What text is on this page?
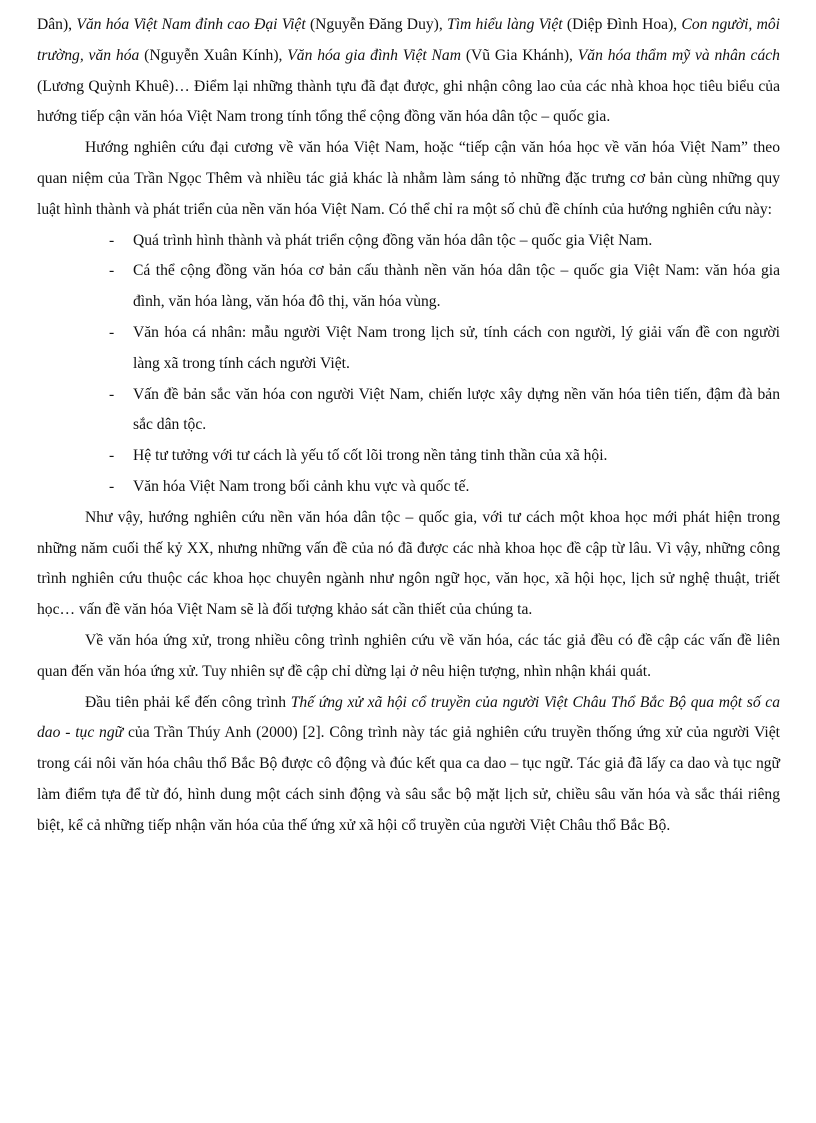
Dân), Văn hóa Việt Nam đỉnh cao Đại Việt (Nguyễn Đăng Duy), Tìm hiểu làng Việt (Diệp Đình Hoa), Con người, môi trường, văn hóa (Nguyễn Xuân Kính), Văn hóa gia đình Việt Nam (Vũ Gia Khánh), Văn hóa thẩm mỹ và nhân cách (Lương Quỳnh Khuê)… Điểm lại những thành tựu đã đạt được, ghi nhận công lao của các nhà khoa học tiêu biểu của hướng tiếp cận văn hóa Việt Nam trong tính tổng thể cộng đồng văn hóa dân tộc – quốc gia.

Hướng nghiên cứu đại cương về văn hóa Việt Nam, hoặc “tiếp cận văn hóa học về văn hóa Việt Nam” theo quan niệm của Trần Ngọc Thêm và nhiều tác giả khác là nhằm làm sáng tỏ những đặc trưng cơ bản cùng những quy luật hình thành và phát triển của nền văn hóa Việt Nam. Có thể chỉ ra một số chủ đề chính của hướng nghiên cứu này:

- Quá trình hình thành và phát triển cộng đồng văn hóa dân tộc – quốc gia Việt Nam.
- Cá thể cộng đồng văn hóa cơ bản cấu thành nền văn hóa dân tộc – quốc gia Việt Nam: văn hóa gia đình, văn hóa làng, văn hóa đô thị, văn hóa vùng.
- Văn hóa cá nhân: mẫu người Việt Nam trong lịch sử, tính cách con người, lý giải vấn đề con người làng xã trong tính cách người Việt.
- Vấn đề bản sắc văn hóa con người Việt Nam, chiến lược xây dựng nền văn hóa tiên tiến, đậm đà bản sắc dân tộc.
- Hệ tư tưởng với tư cách là yếu tố cốt lõi trong nền tảng tinh thần của xã hội.
- Văn hóa Việt Nam trong bối cảnh khu vực và quốc tế.

Như vậy, hướng nghiên cứu nền văn hóa dân tộc – quốc gia, với tư cách một khoa học mới phát hiện trong những năm cuối thế kỷ XX, nhưng những vấn đề của nó đã được các nhà khoa học đề cập từ lâu. Vì vậy, những công trình nghiên cứu thuộc các khoa học chuyên ngành như ngôn ngữ học, văn học, xã hội học, lịch sử nghệ thuật, triết học… vấn đề văn hóa Việt Nam sẽ là đối tượng khảo sát cần thiết của chúng ta.

Về văn hóa ứng xử, trong nhiều công trình nghiên cứu về văn hóa, các tác giả đều có đề cập các vấn đề liên quan đến văn hóa ứng xử. Tuy nhiên sự đề cập chỉ dừng lại ở nêu hiện tượng, nhìn nhận khái quát.

Đầu tiên phải kể đến công trình Thế ứng xử xã hội cổ truyền của người Việt Châu Thổ Bắc Bộ qua một số ca dao - tục ngữ của Trần Thúy Anh (2000) [2]. Công trình này tác giả nghiên cứu truyền thống ứng xử của người Việt trong cái nôi văn hóa châu thổ Bắc Bộ được cô động và đúc kết qua ca dao – tục ngữ. Tác giả đã lấy ca dao và tục ngữ làm điểm tựa để từ đó, hình dung một cách sinh động và sâu sắc bộ mặt lịch sử, chiều sâu văn hóa và sắc thái riêng biệt, kể cả những tiếp nhận văn hóa của thế ứng xử xã hội cổ truyền của người Việt Châu thổ Bắc Bộ.
